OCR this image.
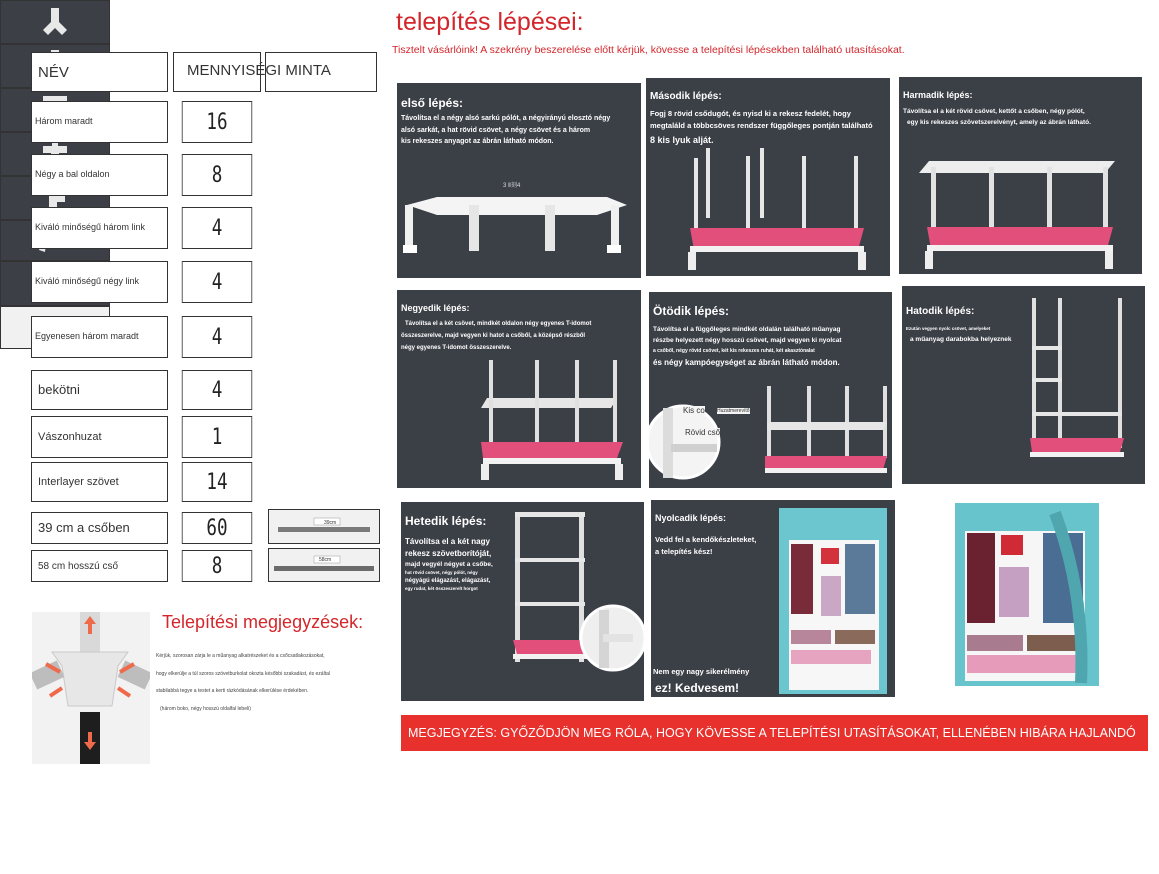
telepítés lépései:
Tisztelt vásárlóink! A szekrény beszerelése előtt kérjük, kövesse a telepítési lépésekben található utasításokat.
NÉV	MENNYISÉGI MINTA
Három maradt	16
Négy a bal oldalon	8
Kiváló minőségű három link	4
Kiváló minőségű négy link	4
Egyenesen három maradt	4
bekötni	4
Vászonhuzat	1
Interlayer szövet	14
39 cm a csőben	60	39cm
58 cm hosszú cső	8	58cm
Telepítési megjegyzések:
Kérjük, szorosan zárja le a műanyag alkatrészeket és a csőcsatlakozásokat,
hogy elkerülje a túl szoros szövetburkolat okozta későbbi szakadást, és ezáltal
stabilabbá tegye a testet a kerti rázkódásának elkerülése érdekében.
(három boko, négy hosszú oldalfal lebeli)
első lépés:
Távolítsa el a négy alsó sarkú pólót, a négyirányú elosztó négy
alsó sarkát, a hat rövid csövet, a négy csövet és a három
kis rekeszes anyagot az ábrán látható módon.
3 Ⅱ刻4
Második lépés:
Fogj 8 rövid csődugót, és nyisd ki a rekesz fedelét, hogy
megtaláld a többcsöves rendszer függőleges pontján található
8 kis lyuk alját.
Harmadik lépés:
Távolítsa el a két rövid csövet, kettőt a csőben, négy pólót,
egy kis rekeszes szövetszerelvényt, amely az ábrán látható.
Negyedik lépés:
Távolítsa el a két csövet, mindkét oldalon négy egyenes T-idomot
összeszerelve, majd vegyen ki hatot a csőből, a középső részből
négy egyenes T-idomot összeszerelve.
Ötödik lépés:
Távolítsa el a függőleges mindkét oldalán található műanyag
részbe helyezett négy hosszú csövet, majd vegyen ki nyolcat
a csőből, négy rövid csövet, két kis rekeszes ruhát, két akasztónalat
és négy kampóegységet az ábrán látható módon.
Kis co Huzatmerevítő
Rövid cső
Hatodik lépés:
Ezután vegyen nyolc csövet, amelyeket
a műanyag darabokba helyeznek
Hetedik lépés:
Távolítsa el a két nagy
rekesz szövetborítóját,
majd vegyél négyet a csőbe,
hat rövid csövet, négy pólót, négy
négyágú elágazást, elágazást,
egy rudat, két összeszerelt horgot
Nyolcadik lépés:
Vedd fel a kendőkészleteket,
a telepítés kész!
Nem egy nagy sikerélmény
ez! Kedvesem!
MEGJEGYZÉS: GYŐZŐDJÖN MEG RÓLA, HOGY KÖVESSE A TELEPÍTÉSI UTASÍTÁSOKAT, ELLENÉBEN HIBÁRA HAJLANDÓ
